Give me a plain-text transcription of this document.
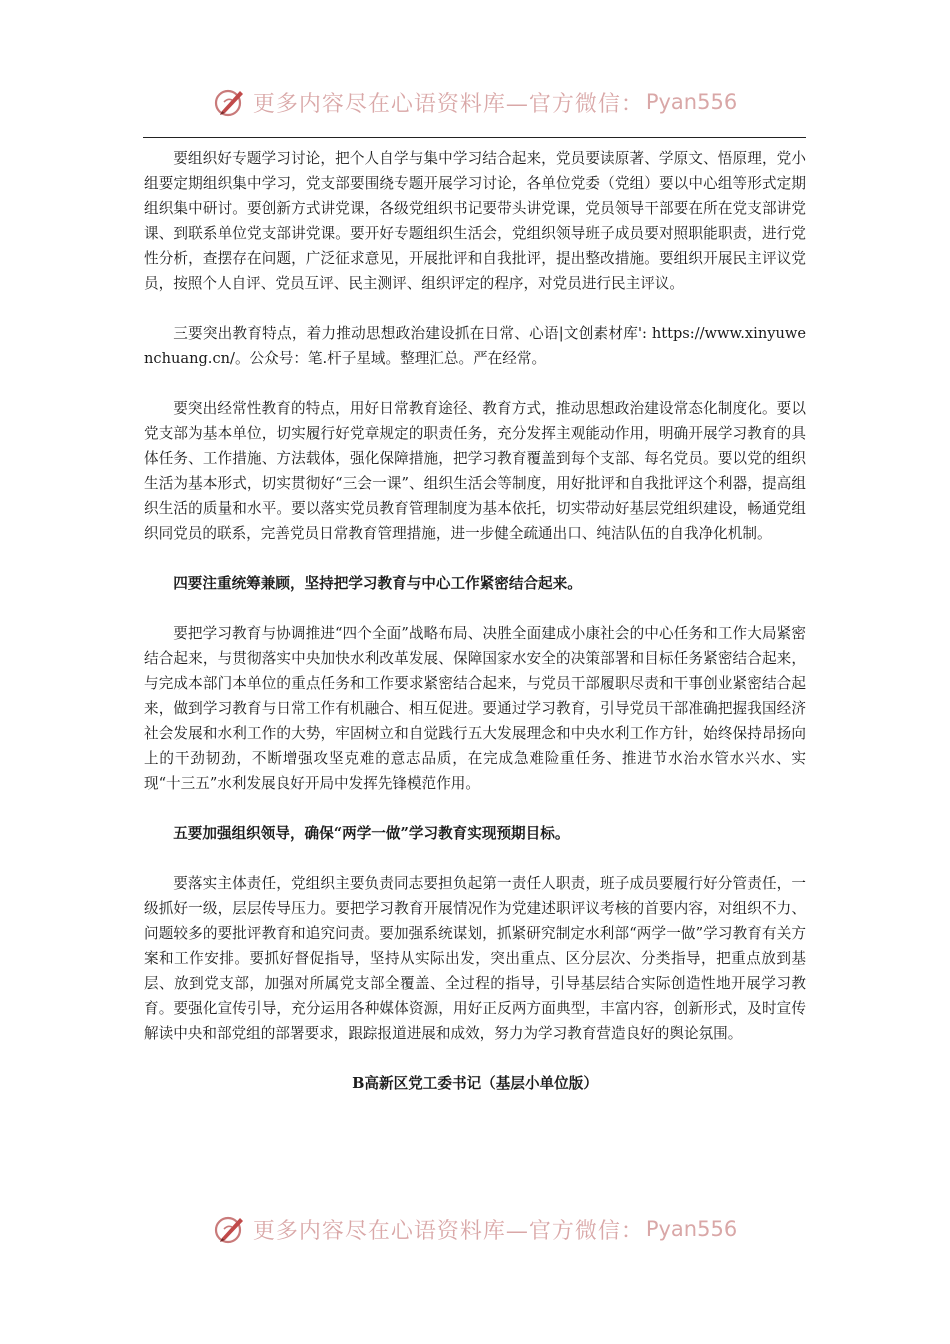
更多内容尽在心语资料库—官方微信： Pyan556

要组织好专题学习讨论，把个人自学与集中学习结合起来，党员要读原著、学原文、悟原理，党小组要定期组织集中学习，党支部要围绕专题开展学习讨论，各单位党委（党组）要以中心组等形式定期组织集中研讨。要创新方式讲党课，各级党组织书记要带头讲党课，党员领导干部要在所在党支部讲党课、到联系单位党支部讲党课。要开好专题组织生活会，党组织领导班子成员要对照职能职责，进行党性分析，查摆存在问题，广泛征求意见，开展批评和自我批评，提出整改措施。要组织开展民主评议党员，按照个人自评、党员互评、民主测评、组织评定的程序，对党员进行民主评议。

三要突出教育特点，着力推动思想政治建设抓在日常、心语|文创素材库': https://www.xinyuwenchuang.cn/。公众号：笔.杆子星域。整理汇总。严在经常。

要突出经常性教育的特点，用好日常教育途径、教育方式，推动思想政治建设常态化制度化。要以党支部为基本单位，切实履行好党章规定的职责任务，充分发挥主观能动作用，明确开展学习教育的具体任务、工作措施、方法载体，强化保障措施，把学习教育覆盖到每个支部、每名党员。要以党的组织生活为基本形式，切实贯彻好“三会一课”、组织生活会等制度，用好批评和自我批评这个利器，提高组织生活的质量和水平。要以落实党员教育管理制度为基本依托，切实带动好基层党组织建设，畅通党组织同党员的联系，完善党员日常教育管理措施，进一步健全疏通出口、纯洁队伍的自我净化机制。

四要注重统筹兼顾，坚持把学习教育与中心工作紧密结合起来。

要把学习教育与协调推进“四个全面”战略布局、决胜全面建成小康社会的中心任务和工作大局紧密结合起来，与贯彻落实中央加快水利改革发展、保障国家水安全的决策部署和目标任务紧密结合起来，与完成本部门本单位的重点任务和工作要求紧密结合起来，与党员干部履职尽责和干事创业紧密结合起来，做到学习教育与日常工作有机融合、相互促进。要通过学习教育，引导党员干部准确把握我国经济社会发展和水利工作的大势，牢固树立和自觉践行五大发展理念和中央水利工作方针，始终保持昂扬向上的干劲韧劲，不断增强攻坚克难的意志品质，在完成急难险重任务、推进节水治水管水兴水、实现“十三五”水利发展良好开局中发挥先锋模范作用。

五要加强组织领导，确保“两学一做”学习教育实现预期目标。

要落实主体责任，党组织主要负责同志要担负起第一责任人职责，班子成员要履行好分管责任，一级抓好一级，层层传导压力。要把学习教育开展情况作为党建述职评议考核的首要内容，对组织不力、问题较多的要批评教育和追究问责。要加强系统谋划，抓紧研究制定水利部“两学一做”学习教育有关方案和工作安排。要抓好督促指导，坚持从实际出发，突出重点、区分层次、分类指导，把重点放到基层、放到党支部，加强对所属党支部全覆盖、全过程的指导，引导基层结合实际创造性地开展学习教育。要强化宣传引导，充分运用各种媒体资源，用好正反两方面典型，丰富内容，创新形式，及时宣传解读中央和部党组的部署要求，跟踪报道进展和成效，努力为学习教育营造良好的舆论氛围。

B高新区党工委书记（基层小单位版）

更多内容尽在心语资料库—官方微信： Pyan556
